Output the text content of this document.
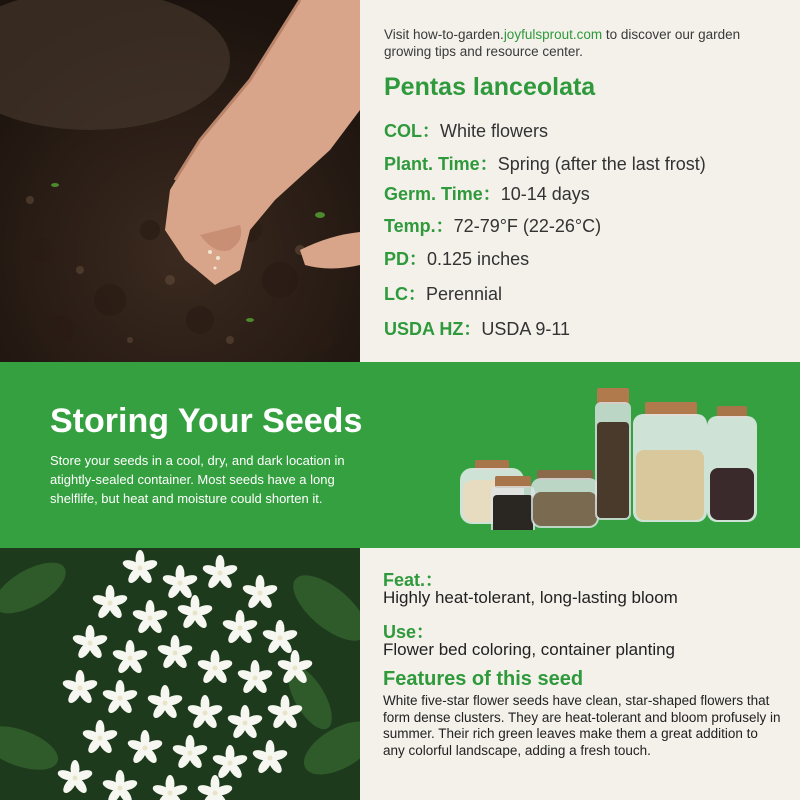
Visit how-to-garden.joyfulsprout.com to discover our garden growing tips and resource center.
Pentas lanceolata
COL：White flowers
Plant. Time：Spring (after the last frost)
Germ. Time：10-14 days
Temp.：72-79°F (22-26°C)
PD：0.125 inches
LC：Perennial
USDA HZ：USDA 9-11
Storing Your Seeds
Store your seeds in a cool, dry, and dark location in atightly-sealed container. Most seeds have a long shelflife, but heat and moisture could shorten it.
Feat.：
Highly heat-tolerant, long-lasting bloom
Use：
Flower bed coloring, container planting
Features of this seed
White five-star flower seeds have clean, star-shaped flowers that form dense clusters. They are heat-tolerant and bloom profusely in summer. Their rich green leaves make them a great addition to any colorful landscape, adding a fresh touch.
